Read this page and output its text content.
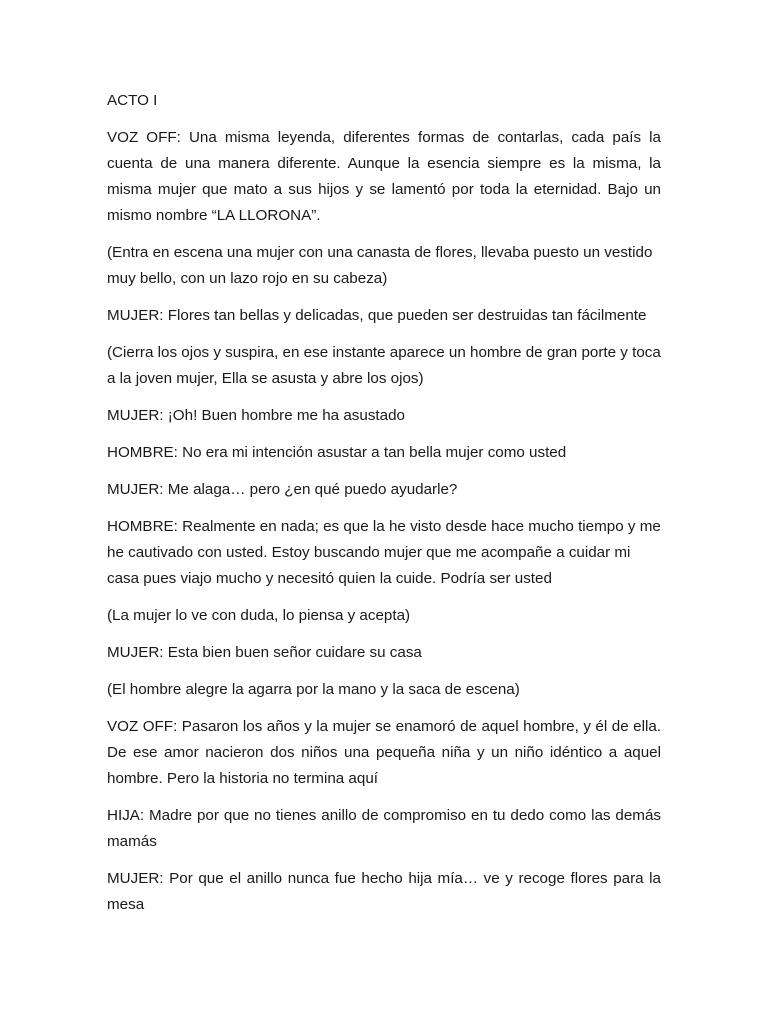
ACTO I

VOZ OFF: Una misma leyenda, diferentes formas de contarlas, cada país la cuenta de una manera diferente. Aunque la esencia siempre es la misma, la misma mujer que mato a sus hijos y se lamentó por toda la eternidad. Bajo un mismo nombre “LA LLORONA”.

(Entra en escena una mujer con una canasta de flores, llevaba puesto un vestido muy bello, con un lazo rojo en su cabeza)

MUJER: Flores tan bellas y delicadas, que pueden ser destruidas tan fácilmente

(Cierra los ojos y suspira, en ese instante aparece un hombre de gran porte y toca a la joven mujer, Ella se asusta y abre los ojos)

MUJER: ¡Oh! Buen hombre me ha asustado

HOMBRE: No era mi intención asustar a tan bella mujer como usted

MUJER: Me alaga… pero ¿en qué puedo ayudarle?

HOMBRE: Realmente en nada; es que la he visto desde hace mucho tiempo y me he cautivado con usted. Estoy buscando mujer que me acompañe a cuidar mi casa pues viajo mucho y necesitó quien la cuide. Podría ser usted

(La mujer lo ve con duda, lo piensa y acepta)

MUJER: Esta bien buen señor cuidare su casa

(El hombre alegre la agarra por la mano y la saca de escena)

VOZ OFF: Pasaron los años y la mujer se enamoró de aquel hombre, y él de ella. De ese amor nacieron dos niños una pequeña niña y un niño idéntico a aquel hombre. Pero la historia no termina aquí

HIJA: Madre por que no tienes anillo de compromiso en tu dedo como las demás mamás

MUJER: Por que el anillo nunca fue hecho hija mía… ve y recoge flores para la mesa
